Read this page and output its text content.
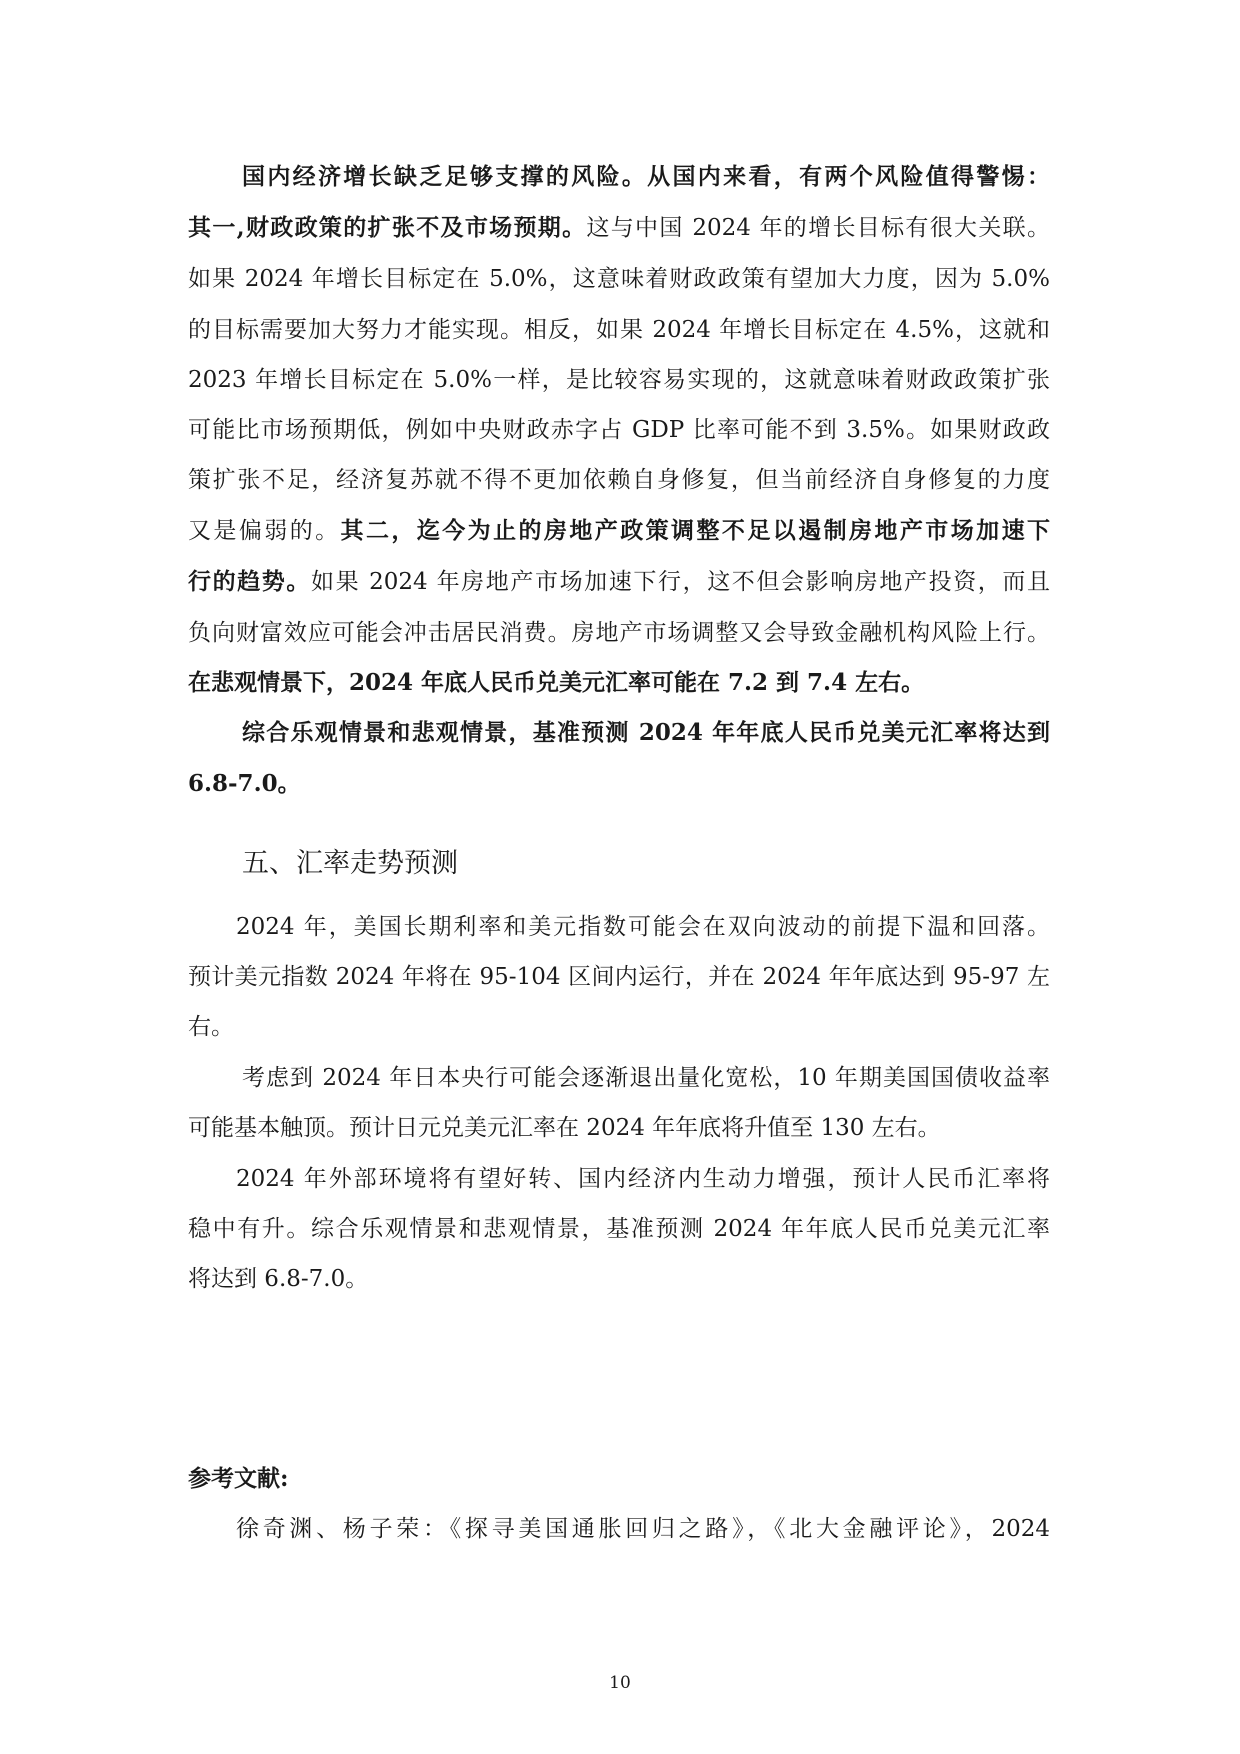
国内经济增长缺乏足够支撑的风险。从国内来看，有两个风险值得警惕：
其一,财政政策的扩张不及市场预期。这与中国 2024 年的增长目标有很大关联。
如果 2024 年增长目标定在 5.0%，这意味着财政政策有望加大力度，因为 5.0%
的目标需要加大努力才能实现。相反，如果 2024 年增长目标定在 4.5%，这就和
2023 年增长目标定在 5.0%一样，是比较容易实现的，这就意味着财政政策扩张
可能比市场预期低，例如中央财政赤字占 GDP 比率可能不到 3.5%。如果财政政
策扩张不足，经济复苏就不得不更加依赖自身修复，但当前经济自身修复的力度
又是偏弱的。其二，迄今为止的房地产政策调整不足以遏制房地产市场加速下
行的趋势。如果 2024 年房地产市场加速下行，这不但会影响房地产投资，而且
负向财富效应可能会冲击居民消费。房地产市场调整又会导致金融机构风险上行。
在悲观情景下，2024 年底人民币兑美元汇率可能在 7.2 到 7.4 左右。
综合乐观情景和悲观情景，基准预测 2024 年年底人民币兑美元汇率将达到
6.8-7.0。
五、汇率走势预测
2024 年，美国长期利率和美元指数可能会在双向波动的前提下温和回落。
预计美元指数 2024 年将在 95-104 区间内运行，并在 2024 年年底达到 95-97 左
右。
考虑到 2024 年日本央行可能会逐渐退出量化宽松，10 年期美国国债收益率
可能基本触顶。预计日元兑美元汇率在 2024 年年底将升值至 130 左右。
2024 年外部环境将有望好转、国内经济内生动力增强，预计人民币汇率将
稳中有升。综合乐观情景和悲观情景，基准预测 2024 年年底人民币兑美元汇率
将达到 6.8-7.0。
参考文献:
徐奇渊、杨子荣：《探寻美国通胀回归之路》，《北大金融评论》，2024
10
